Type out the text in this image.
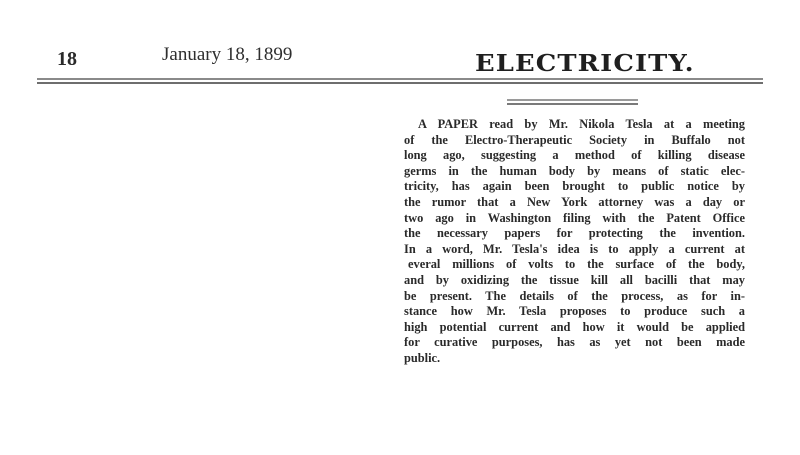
18	January 18, 1899	ELECTRICITY.
A PAPER read by Mr. Nikola Tesla at a meeting
of the Electro-Therapeutic Society in Buffalo not
long ago, suggesting a method of killing disease
germs in the human body by means of static elec-
tricity, has again been brought to public notice by
the rumor that a New York attorney was a day or
two ago in Washington filing with the Patent Office
the necessary papers for protecting the invention.
In a word, Mr. Tesla's idea is to apply a current at
everal millions of volts to the surface of the body,
and by oxidizing the tissue kill all bacilli that may
be present. The details of the process, as for in-
stance how Mr. Tesla proposes to produce such a
high potential current and how it would be applied
for curative purposes, has as yet not been made
public.
